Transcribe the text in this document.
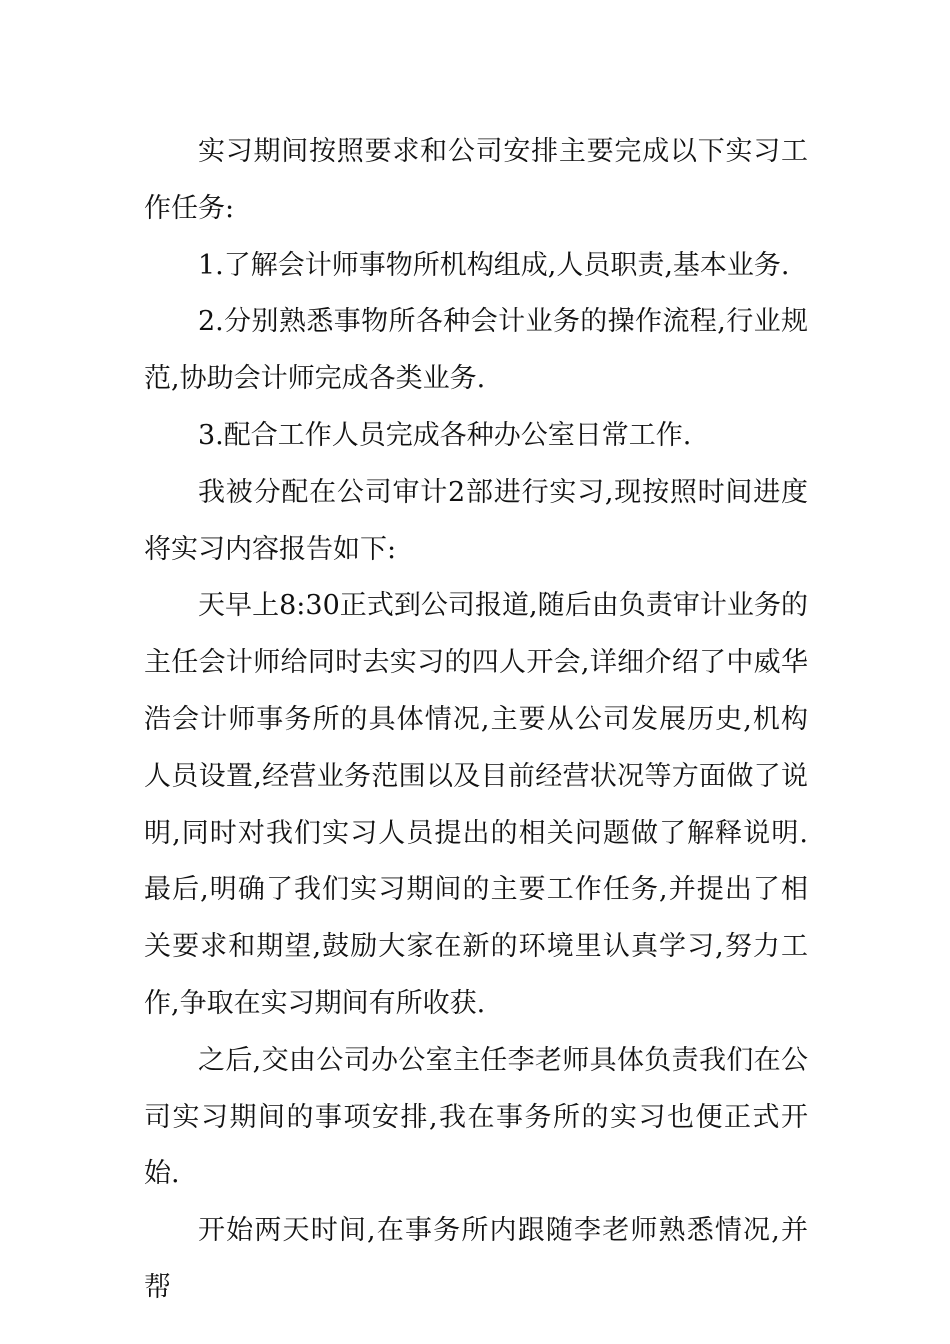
实习期间按照要求和公司安排主要完成以下实习工作任务:

1.了解会计师事物所机构组成,人员职责,基本业务.

2.分别熟悉事物所各种会计业务的操作流程,行业规范,协助会计师完成各类业务.

3.配合工作人员完成各种办公室日常工作.

我被分配在公司审计2部进行实习,现按照时间进度将实习内容报告如下:

天早上8:30正式到公司报道,随后由负责审计业务的主任会计师给同时去实习的四人开会,详细介绍了中威华浩会计师事务所的具体情况,主要从公司发展历史,机构人员设置,经营业务范围以及目前经营状况等方面做了说明,同时对我们实习人员提出的相关问题做了解释说明.最后,明确了我们实习期间的主要工作任务,并提出了相关要求和期望,鼓励大家在新的环境里认真学习,努力工作,争取在实习期间有所收获.

之后,交由公司办公室主任李老师具体负责我们在公司实习期间的事项安排,我在事务所的实习也便正式开始.

开始两天时间,在事务所内跟随李老师熟悉情况,并帮
